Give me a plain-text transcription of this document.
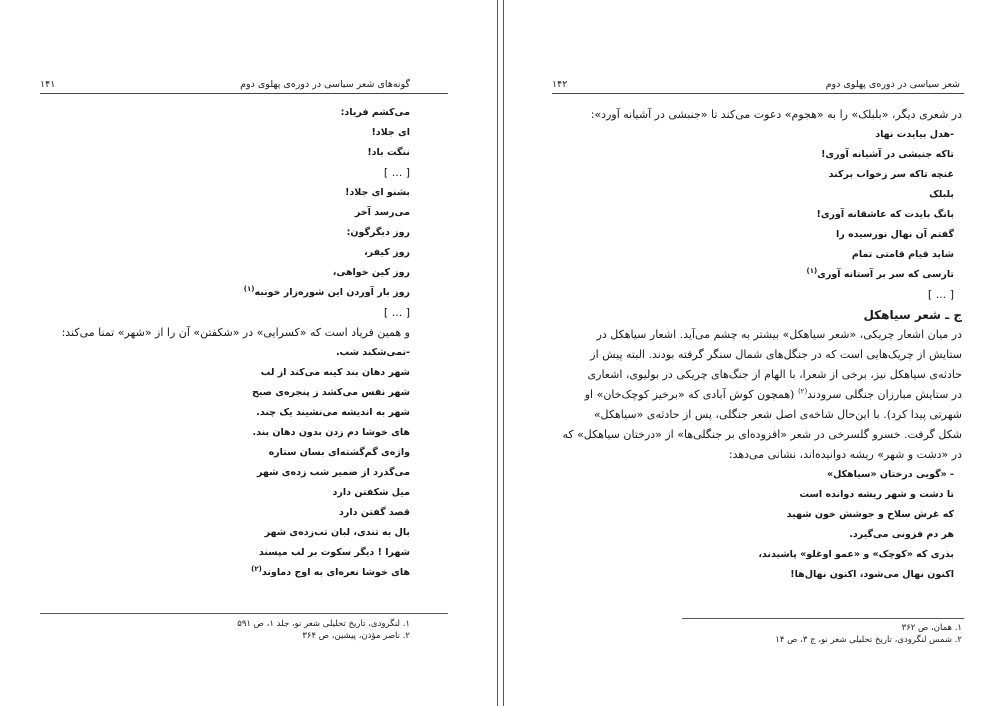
۱۴۱	گونه‌های شعر سیاسی در دوره‌ی پهلوی دوم
می‌کشم فریاد:
ای جلاد!
ننگت باد!
[ ... ]
بشنو ای جلاد!
می‌رسد آخر
روز دیگرگون:
روز کیفر،
روز کین خواهی،
روز بار آوردن این شوره‌زار خونبه$^{(۱)}$
[ ... ]
و همین فریاد است که «کسرایی» در «شکفتن» آن را از «شهر» تمنا می‌کند:
-نمی‌شکند شب.
شهر دهان بند کینه می‌کند از لب
شهر نفس می‌کشد ز پنجره‌ی صبح
شهر به اندیشه می‌نشیند یک چند.
های خوشا دم زدن بدون دهان بند.
واژه‌ی گم‌گشته‌ای بسان ستاره
می‌گذرد از ضمیر شب زده‌ی شهر
میل شکفتن دارد
قصد گفتن دارد
بال به تندی، لبان تب‌زده‌ی شهر
شهرا ! دیگر سکوت بر لب مپسند
های خوشا نعره‌ای به اوج دماوند$^{(۲)}$
۱. لنگرودی، تاریخ تحلیلی شعر نو، جلد ۱، ص ۵۹۱
۲. ناصر مؤذن، پیشین، ص ۳۶۴
۱۴۲	شعر سیاسی در دوره‌ی پهلوی دوم
در شعری دیگر، «بلبلک» را به «هجوم» دعوت می‌کند تا «جنبشی در آشیانه آورد»:
-هدل بیایدت نهاد
تاکه جنبشی در آشیانه آوری!
غنچه تاکه سر زخواب برکند
بلبلک
بانگ بایدت که عاشقانه آوری!
گفتم آن نهال نورسیده را
شاید قیام قامتی تمام
تارسی که سر بر آستانه آوری$^{(۱)}$
[ ... ]
ج ـ شعر سیاهکل
در میان اشعار چریکی، «شعر سیاهکل» بیشتر به چشم می‌آید. اشعار سیاهکل در
ستایش از چریک‌هایی است که در جنگل‌های شمال سنگر گرفته بودند. البته پیش از
حادثه‌ی سیاهکل نیز، برخی از شعرا، با الهام از جنگ‌های چریکی در بولیوی، اشعاری
در ستایش مبارزان جنگلی سرودند$^{(۲)}$ (همچون کوش آبادی که «برخیز کوچک‌خان» او
شهرتی پیدا کرد). با این‌حال شاخه‌ی اصل شعر جنگلی، پس از حادثه‌ی «سیاهکل»
شکل گرفت. خسرو گلسرخی در شعر «افزوده‌ای بر جنگلی‌ها» از «درختان سیاهکل» که
در «دشت و شهر» ریشه دوانیده‌اند، نشانی می‌دهد:
- «گویی درختان «سیاهکل»
تا دشت و شهر ریشه دوانده است
که غرش سلاح و جوشش خون شهید
هر دم فزونی می‌گیرد.
بذری که «کوچک» و «عمو اوغلو» پاشیدند،
اکنون نهال می‌شود، اکنون نهال‌ها!
۱. همان، ص ۳۶۲
۲. شمس لنگرودی، تاریخ تحلیلی شعر نو، ج ۳، ص ۱۴
